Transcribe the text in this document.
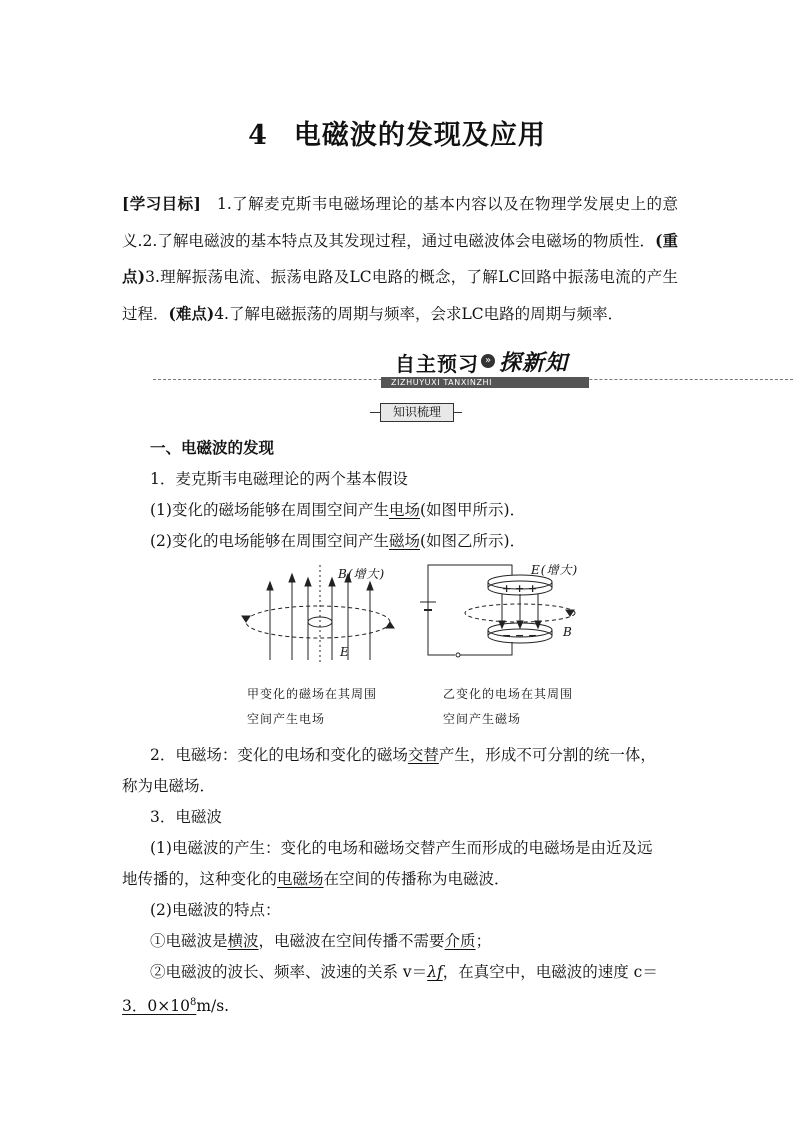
4 电磁波的发现及应用
[学习目标] 1.了解麦克斯韦电磁场理论的基本内容以及在物理学发展史上的意义.2.了解电磁波的基本特点及其发现过程，通过电磁波体会电磁场的物质性．(重点)3.理解振荡电流、振荡电路及LC电路的概念，了解LC回路中振荡电流的产生过程．(难点)4.了解电磁振荡的周期与频率，会求LC电路的周期与频率．
自主预习 » 探新知
ZIZHUYUXI TANXINZHI
知识梳理
一、电磁波的发现
1．麦克斯韦电磁理论的两个基本假设
(1)变化的磁场能够在周围空间产生电场(如图甲所示)．
(2)变化的电场能够在周围空间产生磁场(如图乙所示)．
B(增大)
E
+ + +
− − −
E(增大)
B
甲变化的磁场在其周围
空间产生电场
乙变化的电场在其周围
空间产生磁场
2．电磁场：变化的电场和变化的磁场交替产生，形成不可分割的统一体，
称为电磁场．
3．电磁波
(1)电磁波的产生：变化的电场和磁场交替产生而形成的电磁场是由近及远
地传播的，这种变化的电磁场在空间的传播称为电磁波．
(2)电磁波的特点：
①电磁波是横波，电磁波在空间传播不需要介质；
②电磁波的波长、频率、波速的关系 v＝λf，在真空中，电磁波的速度 c＝
3．$0\times 10^8m/s$.
